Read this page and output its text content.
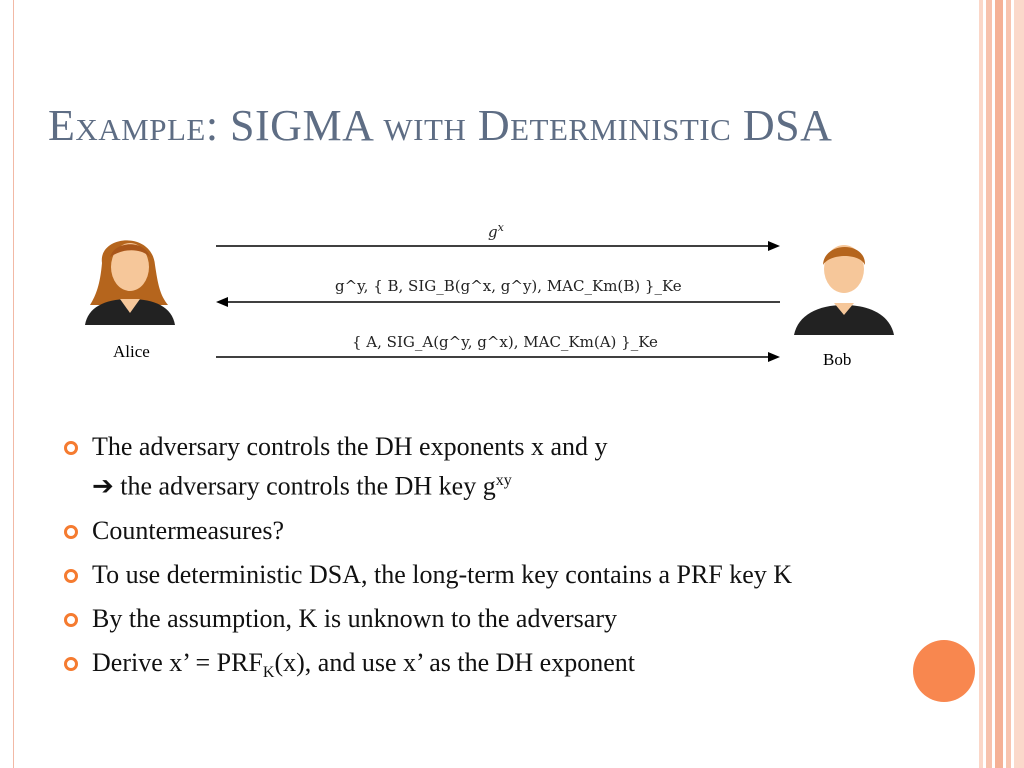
Example: SIGMA with Deterministic DSA
Alice	Bob
$g^x$
g^y, { B, SIG_B(g^x, g^y), MAC_Km(B) }_Ke
{ A, SIG_A(g^y, g^x), MAC_Km(A) }_Ke
The adversary controls the DH exponents x and y
➔ the adversary controls the DH key $g^{xy}$
Countermeasures?
To use deterministic DSA, the long-term key contains a PRF key K
By the assumption, K is unknown to the adversary
Derive x’ = $PRF_K(x)$, and use x’ as the DH exponent
